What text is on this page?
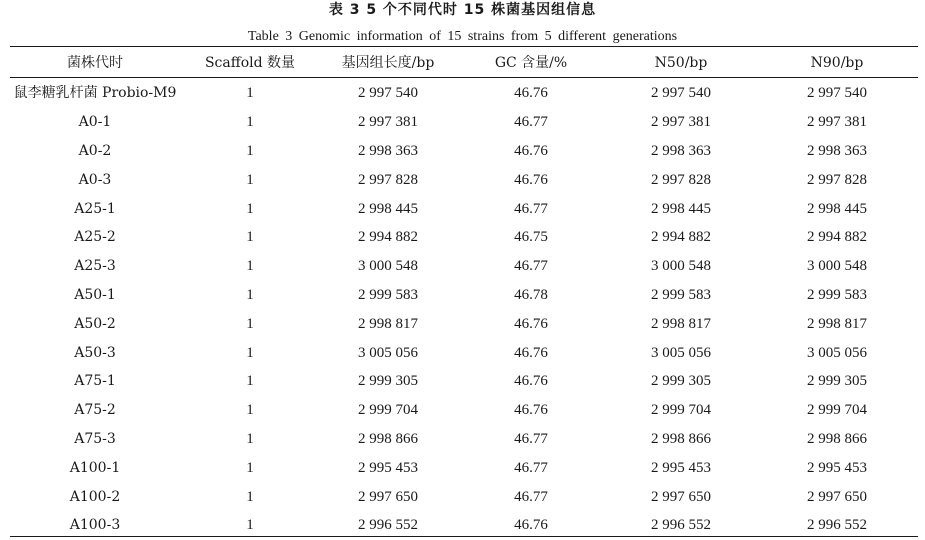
表 3 5 个不同代时 15 株菌基因组信息
Table 3 Genomic information of 15 strains from 5 different generations
菌株代时	Scaffold 数量	基因组长度/bp	GC 含量/%	N50/bp	N90/bp
鼠李糖乳杆菌 Probio-M9	1	2 997 540	46.76	2 997 540	2 997 540
A0-1	1	2 997 381	46.77	2 997 381	2 997 381
A0-2	1	2 998 363	46.76	2 998 363	2 998 363
A0-3	1	2 997 828	46.76	2 997 828	2 997 828
A25-1	1	2 998 445	46.77	2 998 445	2 998 445
A25-2	1	2 994 882	46.75	2 994 882	2 994 882
A25-3	1	3 000 548	46.77	3 000 548	3 000 548
A50-1	1	2 999 583	46.78	2 999 583	2 999 583
A50-2	1	2 998 817	46.76	2 998 817	2 998 817
A50-3	1	3 005 056	46.76	3 005 056	3 005 056
A75-1	1	2 999 305	46.76	2 999 305	2 999 305
A75-2	1	2 999 704	46.76	2 999 704	2 999 704
A75-3	1	2 998 866	46.77	2 998 866	2 998 866
A100-1	1	2 995 453	46.77	2 995 453	2 995 453
A100-2	1	2 997 650	46.77	2 997 650	2 997 650
A100-3	1	2 996 552	46.76	2 996 552	2 996 552
